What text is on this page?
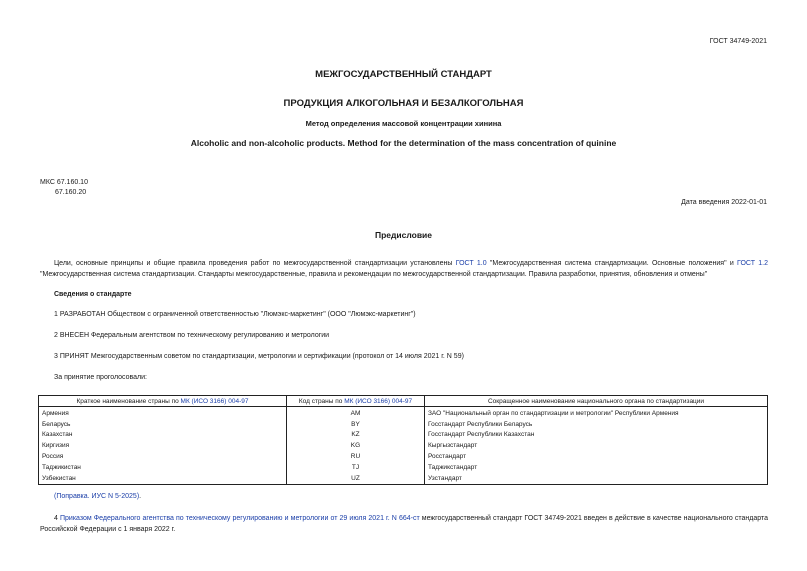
ГОСТ 34749-2021
МЕЖГОСУДАРСТВЕННЫЙ СТАНДАРТ
ПРОДУКЦИЯ АЛКОГОЛЬНАЯ И БЕЗАЛКОГОЛЬНАЯ
Метод определения массовой концентрации хинина
Alcoholic and non-alcoholic products. Method for the determination of the mass concentration of quinine
МКС 67.160.10
67.160.20
Дата введения 2022-01-01
Предисловие
Цели, основные принципы и общие правила проведения работ по межгосударственной стандартизации установлены ГОСТ 1.0 "Межгосударственная система стандартизации. Основные положения" и ГОСТ 1.2 "Межгосударственная система стандартизации. Стандарты межгосударственные, правила и рекомендации по межгосударственной стандартизации. Правила разработки, принятия, обновления и отмены"
Сведения о стандарте
1 РАЗРАБОТАН Обществом с ограниченной ответственностью "Люмэкс-маркетинг" (ООО "Люмэкс-маркетинг")
2 ВНЕСЕН Федеральным агентством по техническому регулированию и метрологии
3 ПРИНЯТ Межгосударственным советом по стандартизации, метрологии и сертификации (протокол от 14 июля 2021 г. N 59)
За принятие проголосовали:
Краткое наименование страны по МК (ИСО 3166) 004-97	Код страны по МК (ИСО 3166) 004-97	Сокращенное наименование национального органа по стандартизации
Армения	AM	ЗАО "Национальный орган по стандартизации и метрологии" Республики Армения
Беларусь	BY	Госстандарт Республики Беларусь
Казахстан	KZ	Госстандарт Республики Казахстан
Киргизия	KG	Кыргызстандарт
Россия	RU	Росстандарт
Таджикистан	TJ	Таджикстандарт
Узбекистан	UZ	Узстандарт
(Поправка. ИУС N 5-2025).
4 Приказом Федерального агентства по техническому регулированию и метрологии от 29 июля 2021 г. N 664-ст межгосударственный стандарт ГОСТ 34749-2021 введен в действие в качестве национального стандарта Российской Федерации с 1 января 2022 г.
